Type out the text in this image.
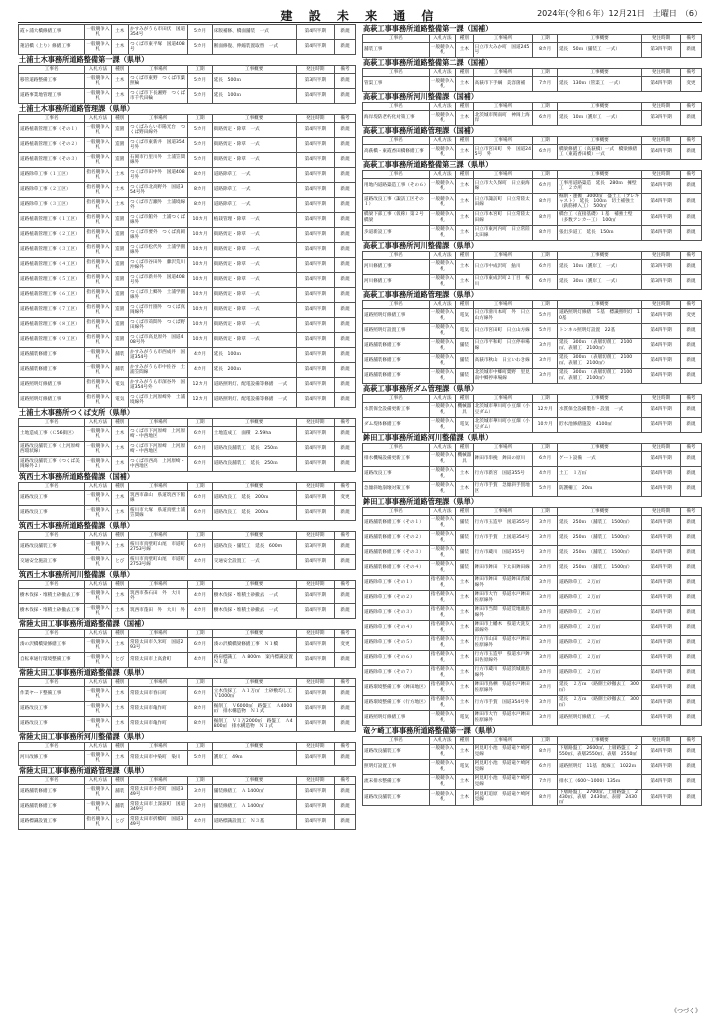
建 設 未 来 通 信	2024年(令和６年）12月21日　土曜日　（6）
霞ヶ浦大橋修繕工事	一般競争入札	土木	かすみがうら市田伏　国道354号	5カ月	床版補修、橋面舗装　一式	第4四半期	新規
蓮沼橋（上り）修繕工事	一般競争入札	土木	つくば市東平塚　国道408号	5カ月	断面修復、伸縮装置取替　一式	第4四半期	新規
土浦土木事務所道路整備第一課（県単）
工事名	入札方法	種別	工事場所	工期	工事概要	発注時期	備考
移管道路整備工事	一般競争入札	土木	つくば市東野　つくば市葉照輪	5カ月	延長　500ｍ	第3四半期	新規
道路事業地管理工事	一般競争入札	土木	つくば市下長湘野　つくば市千代田輪	5カ月	延長　100ｍ	第4四半期	新規
土浦土木事務所道路管理課（県単）
工事名	入札方法	種別	工事場所	工期	工事概要	発注時期	備考
道路植栽管理工事（その１）	一般競争入札	造園	つくばみらい市陽光台　つくば野田線外	5カ月	街路剪定・除草　一式	第4四半期	新規
道路植栽管理工事（その２）	一般競争入札	造園	つくば市東新井　国道354号外	5カ月	街路剪定・除草　一式	第4四半期	新規
道路植栽管理工事（その３）	一般競争入札	造園	石岡市行里川外　土浦笠間線外	5カ月	街路剪定・除草　一式	第4四半期	新規
道路除草工事（１工区）	指名競争入札	土木	つくば市田中外　国道408号外	8カ月	道路除草工　一式	第4四半期	新規
道路除草工事（２工区）	指名競争入札	土木	つくば市北高野外　国道354号外	8カ月	道路除草工　一式	第4四半期	新規
道路除草工事（３工区）	指名競争入札	土木	つくば市吉瀬外　土浦境線外	8カ月	道路除草工　一式	第4四半期	新規
道路植栽管理工事（１工区）	指名競争入札	造園	つくば市館外　土浦つくば線外	10カ月	植栽管理・除草　一式	第4四半期	新規
道路植栽管理工事（２工区）	指名競争入札	造園	つくば市要外　つくば真岡線外	10カ月	街路剪定・除草　一式	第4四半期	新規
道路植栽管理工事（３工区）	指名競争入札	造園	つくば市松代外　土浦学園線外	10カ月	街路剪定・除草　一式	第4四半期	新規
道路植栽管理工事（４工区）	指名競争入札	造園	つくば市谷田外　藤沢荒川沖線外	10カ月	街路剪定・除草　一式	第4四半期	新規
道路植栽管理工事（５工区）	指名競争入札	造園	つくば市新井外　国道408号外	10カ月	街路剪定・除草　一式	第4四半期	新規
道路植栽管理工事（６工区）	指名競争入札	造園	つくば市上郷外　土浦学園線外	10カ月	街路剪定・除草　一式	第4四半期	新規
道路植栽管理工事（７工区）	指名競争入札	造園	つくば市竹園外　つくば真岡線外	10カ月	街路剪定・除草　一式	第4四半期	新規
道路植栽管理工事（８工区）	指名競争入札	造園	つくば市苅間外　つくば野田線外	10カ月	街路剪定・除草　一式	第4四半期	新規
道路植栽管理工事（９工区）	指名競争入札	造園	つくば市高見原外　国道408号外	10カ月	街路剪定・除草　一式	第4四半期	新規
道路舗装修繕工事	一般競争入札	舗装	かすみがうら市西成井　国道354号	4カ月	延長　100ｍ	第4四半期	新規
道路舗装修繕工事	一般競争入札	舗装	かすみがうら市中佐谷　土浦笠間線	4カ月	延長　200ｍ	第4四半期	新規
道路照明灯修繕工事	指名競争入札	電気	かすみがうら市深谷外　国道354号外	12カ月	道路照明灯、配電設備等修繕　一式	第4四半期	新規
道路照明灯修繕工事	指名競争入札	電気	つくば市上河原崎外　土浦境線外	12カ月	道路照明灯、配電設備等修繕　一式	第4四半期	新規
土浦土木事務所つくば支所（県単）
工事名	入札方法	種別	工事場所	工期	工事概要	発注時期	備考
土地造成工事（Ｃ56街区）	一般競争入札	土木	つくば市下河原崎　上河原崎・中西地区	6カ月	土地造成工　面積　2.59ha	第3四半期	新規
道路改良舗装工事（上河原崎西環状線）	一般競争入札	土木	つくば市下河原崎　上河原崎・中西地区	6カ月	道路改良舗装工　延長　250ｍ	第4四半期	新規
道路改良舗装工事（つくば美岡線外２）	一般競争入札	土木	つくば市西高　上河原崎・中西地区	6カ月	道路改良舗装工　延長　250ｍ	第4四半期	新規
筑西土木事務所道路整備課（国補）
工事名	入札方法	種別	工事場所	工期	工事概要	発注時期	備考
道路改良工事	一般競争入札	土木	筑西市森山　県道筑西下館線	6カ月	道路改良工　延長　200ｍ	第4四半期	変更
道路改良工事	一般競争入札	土木	桜川市大塚　県道真壁土浦笠間線	6カ月	道路改良工　延長　200ｍ	第4四半期	新規
筑西土木事務所道路整備課（県単）
工事名	入札方法	種別	工事場所	工期	工事概要	発注時期	備考
道路改良舗装工事	一般競争入札	土木	桜川市真壁町山尾　市道町2753号線	6カ月	道路改良・舗装工　延長　600m	第3四半期	新規
交通安全施設工事	一般競争入札	とび	桜川市真壁町山尾　市道町2753号線	4カ月	交通安全設置工　一式	第4四半期	新規
筑西土木事務所河川整備課（県単）
工事名	入札方法	種別	工事場所	工期	工事概要	発注時期	備考
樹木伐採・堆積土砂撤去工事	一般競争入札	土木	筑西市茶石田　外　大川　外	4カ月	樹木伐採・堆積土砂撤去　一式	第4四半期	新規
樹木伐採・堆積土砂撤去工事	一般競争入札	土木	筑西市蓬田　外　大川　外	4カ月	樹木伐採・堆積土砂撤去　一式	第4四半期	新規
常陸太田工事事務所道路整備課（国補）
工事名	入札方法	種別	工事場所	工期	工事概要	発注時期	備考
湊の沢橋橋梁修繕工事	一般競争入札	土木	常陸太田市久米町　国道293号	6カ月	湊の沢橋橋梁修繕工事　Ｎ１橋	第4四半期	変更
自転車通行環境整備工事	一般競争入札	とび	常陸太田市上高倉町	4カ月	路肩標識工　Ａ 800m　案内標識設置　Ｎ１基	第4四半期	新規
常陸太田工事事務所道路整備課（県単）
工事名	入札方法	種別	工事場所	工期	工事概要	発注時期	備考
作業ヤード整備工事	一般競争入札	土木	常陸太田市春日町	6カ月	立木伐採工　Ａ１万㎡　土砂敷均し工　Ｖ1000㎥	第4四半期	新規
道路改良工事	一般競争入札	土木	常陸太田市亀作町	8カ月	掘削工　Ｖ6000㎥　路盤工　Ａ4000㎡　排水構造物　Ｎ１式	第4四半期	新規
道路改良工事	一般競争入札	土木	常陸太田市亀作町	8カ月	掘削工　Ｖ１万2000㎥　路盤工　Ａ4800㎡　排水構造物　Ｎ１式	第4四半期	新規
常陸太田工事事務所河川整備課（県単）
工事名	入札方法	種別	工事場所	工期	工事概要	発注時期	備考
河川改修工事	一般競争入札	土木	常陸太田市中染町　染川	5カ月	護岸工　49ｍ	第4四半期	新規
常陸太田工事事務所道路管理課（県単）
工事名	入札方法	種別	工事場所	工期	工事概要	発注時期	備考
道路舗装修繕工事	一般競争入札	舗装	常陸太田市小菅町　国道349号	3カ月	舗装修繕工　Ａ 1400㎡	第4四半期	新規
道路舗装修繕工事	一般競争入札	舗装	常陸太田市上深荻町　国道349号	3カ月	舗装修繕工　Ａ 1400㎡	第4四半期	新規
道路標識設置工事	指名競争入札	とび	常陸太田市折橋町　国道349号	4カ月	道路標識設置工　Ｎ３基	第4四半期	新規
高萩工事事務所道路整備第一課（国補）
工事名	入札方法	種別	工事場所	工期	工事概要	発注時期	備考
舗装工事	一般競争入札	土木	日立市大みか町　国道245号	8カ月	延長　50ｍ（舗装工　一式）	第3四半期	新規
高萩工事事務所道路整備第二課（国補）
工事名	入札方法	種別	工事場所	工期	工事概要	発注時期	備考
管渠工事	一般競争入札	土木	高萩市下手綱　美容箇補	7カ月	延長　130ｍ（管渠工　一式）	第4四半期	変更
高萩工事事務所河川整備課（国補）
工事名	入札方法	種別	工事場所	工期	工事概要	発注時期	備考
海岸堤防老朽化対策工事	一般競争入札	土木	北茨城市関南町　神岡上海岸	6カ月	延長　10ｍ（護岸工　一式）	第3四半期	新規
高萩工事事務所道路管理課（国補）
工事名	入札方法	種別	工事場所	工期	工事概要	発注時期	備考
高萩橋・東霞香田橋修繕工事	一般競争入札	土木	日立市宮田町　外　国道245号　外	6カ月	橋梁修繕工（高萩橋）一式　橋梁修繕工（東霞香田橋）一式	第4四半期	新規
高萩工事事務所道路整備第三課（県単）
工事名	入札方法	種別	工事場所	工期	工事概要	発注時期	備考
用地内道路築造工事（その６）	一般競争入札	土木	日立市大久保町　日立東海線	6カ月	工事用道路築造　延長　280ｍ　擁壁工　２カ所	第4四半期	新規
道路改良工事（諏訪工区その１）	一般競争入札	土木	日立市諏訪町　日立常陸太田線	8カ月	掘削・運搬　3000㎥　盛土工（ブレキャスト）　延長　100ｍ　切土補強土（鉄筋挿入工）　500㎡	第4四半期	新規
橋梁下部工事（仮称）第２号橋梁	一般競争入札	土木	日立市本宮町　日立常陸太田線	8カ月	橋台工（直接基礎）１基　補強土壁（多数アンカー工）　100㎡	第4四半期	新規
歩道新設工事	一般競争入札	土木	日立市東河内町　日立常陸太田線	8カ月	張出歩道工　延長　150ｍ	第4四半期	新規
高萩工事事務所河川整備課（県単）
工事名	入札方法	種別	工事場所	工期	工事概要	発注時期	備考
河川修繕工事	一般競争入札	土木	日立市中成沢町　鮎川	6カ月	延長　10ｍ（護岸工　一式）	第3四半期	新規
河川修繕工事	一般競争入札	土木	日立市東成沢町２丁目　桜川	6カ月	延長　30ｍ（護岸工　一式）	第3四半期	新規
高萩工事事務所道路管理課（県単）
工事名	入札方法	種別	工事場所	工期	工事概要	発注時期	備考
道路照明灯修繕工事	一般競争入札	電気	日立市滑川本町　外　日立山方線外	5カ月	道路照明灯修繕　５基　標識照明灯　10基	第4四半期	変更
道路照明灯設置工事	一般競争入札	電気	日立市宮田町　日立山方線	5カ月	トンネル照明灯設置　22基	第4四半期	新規
道路舗装修繕工事	一般競争入札	舗装	日立市平和町　日立停車場線	3カ月	延長　300ｍ　（表層切削工　2100㎡、表層工　2100㎡）	第4四半期	新規
道路舗装修繕工事	一般競争入札	舗装	高萩市秋山　日立いわき線	3カ月	延長　300ｍ　（表層切削工　2100㎡、表層工　2100㎡）	第4四半期	新規
道路舗装修繕工事	一般競争入札	舗装	北茨城市中郷町粟野　里見南中郷停車場線	3カ月	延長　300ｍ　（表層切削工　2100㎡、表層工　2100㎡）	第4四半期	新規
高萩工事事務所ダム管理課（県単）
工事名	入札方法	種別	工事場所	工期	工事概要	発注時期	備考
水質保全設備更新工事	一般競争入札	機械器具	北茨城市華川町小豆畑（小豆ダム）	12カ月	水質保全設備製作・設置　一式	第4四半期	新規
ダム堤体修繕工事	一般競争入札	電気	北茨城市華川町小豆畑（小豆ダム）	10カ月	貯水池修繕施設　4100㎡	第4四半期	新規
鉾田工事事務所道路河川整備課（県単）
工事名	入札方法	種別	工事場所	工期	工事概要	発注時期	備考
排水機場設備更新工事	一般競争入札	機械器具	鉾田市串挽　鉾田の原川	6カ月	ゲート設備　一式	第4四半期	新規
道路改良工事	一般競争入札	土木	行方市新宮　国道355号	4カ月	土工　１万㎥	第4四半期	新規
急傾斜地崩壊対策工事	一般競争入札	土木	行方市手賀　急傾斜手賀地区	5カ月	防護柵工　20ｍ	第4四半期	新規
鉾田工事事務所道路管理課（県単）
工事名	入札方法	種別	工事場所	工期	工事概要	発注時期	備考
道路舗装修繕工事（その１）	一般競争入札	舗装	行方市玉造甲　国道355号	3カ月	延長　250ｍ　（舗装工　1500㎡）	第4四半期	新規
道路舗装修繕工事（その２）	一般競争入札	舗装	行方市手賀　上国道354号	3カ月	延長　250ｍ　（舗装工　1500㎡）	第4四半期	新規
道路舗装修繕工事（その３）	一般競争入札	舗装	行方市蔵川　国道355号	3カ月	延長　250ｍ　（舗装工　1500㎡）	第4四半期	新規
道路舗装修繕工事（その４）	一般競争入札	舗装	鉾田市鉾田　下太田鉾田線	3カ月	延長　250ｍ　（舗装工　1500㎡）	第4四半期	新規
道路除草工事（その１）	指名競争入札	土木	鉾田市鉾田　県道鉾田茨城線外	3カ月	道路除草工　２万㎡	第4四半期	新規
道路除草工事（その２）	指名競争入札	土木	鉾田市大竹　県道水戸鉾田佐原線外	3カ月	道路除草工　２万㎡	第4四半期	新規
道路除草工事（その３）	指名競争入札	土木	鉾田市当間　県道荒地鹿島線外	3カ月	道路除草工　２万㎡	第4四半期	新規
道路除草工事（その４）	指名競争入札	土木	鉾田市上幡木　県道大洗友部線外	3カ月	道路除草工　２万㎡	第4四半期	新規
道路除草工事（その５）	指名競争入札	土木	行方市山田　県道水戸鉾田佐原線外	3カ月	道路除草工　２万㎡	第4四半期	新規
道路除草工事（その６）	指名競争入札	土木	行方市玉造甲　県道水戸鉾田佐原線外	3カ月	道路除草工　２万㎡	第4四半期	新規
道路除草工事（その７）	指名競争入札	土木	行方市蔵川　県道茨城鹿島線外	3カ月	道路除草工　２万㎡	第4四半期	新規
道路環境整備工事（鉾田地区）	指名競争入札	土木	鉾田市鳥栖　県道水戸鉾田佐原線外	3カ月	延長　２万ｍ　（路側土砂撤去工　300㎥）	第4四半期	新規
道路環境整備工事（行方地区）	指名競争入札	土木	行方市手賀　国道354号外	3カ月	延長　２万ｍ　（路側土砂撤去工　300㎥）	第4四半期	新規
道路照明灯修繕工事	一般競争入札	電気	鉾田市大竹　県道水戸鉾田佐原線外	3カ月	道路照明灯修繕工　一式	第4四半期	新規
竜ケ崎工事事務所道路整備第一課（県単）
工事名	入札方法	種別	工事場所	工期	工事概要	発注時期	備考
道路改良舗装工事	一般競争入札	土木	阿見町小池　県道竜ケ崎阿見線	8カ月	下層路盤工　2600㎡、上層路盤工　2550㎡、表層2550㎡、表層　2550㎡	第4四半期	新規
照明灯設置工事	一般競争入札	電気	阿見町小池　県道竜ケ崎阿見線	6カ月	道路照明灯　11基　配線工　1022ｍ	第4四半期	新規
流末排水整備工事	一般競争入札	土木	阿見町小池　県道竜ケ崎阿見線	7カ月	排水工（600～1000）135ｍ	第4四半期	新規
道路改良舗装工事	一般競争入札	土木	阿見町追原　県道竜ケ崎阿見線	8カ月	下層路盤工　2700㎡、上層路盤工　2430㎡、表層　2430㎡、表層　2430㎡	第4四半期	新規
《つづく》
